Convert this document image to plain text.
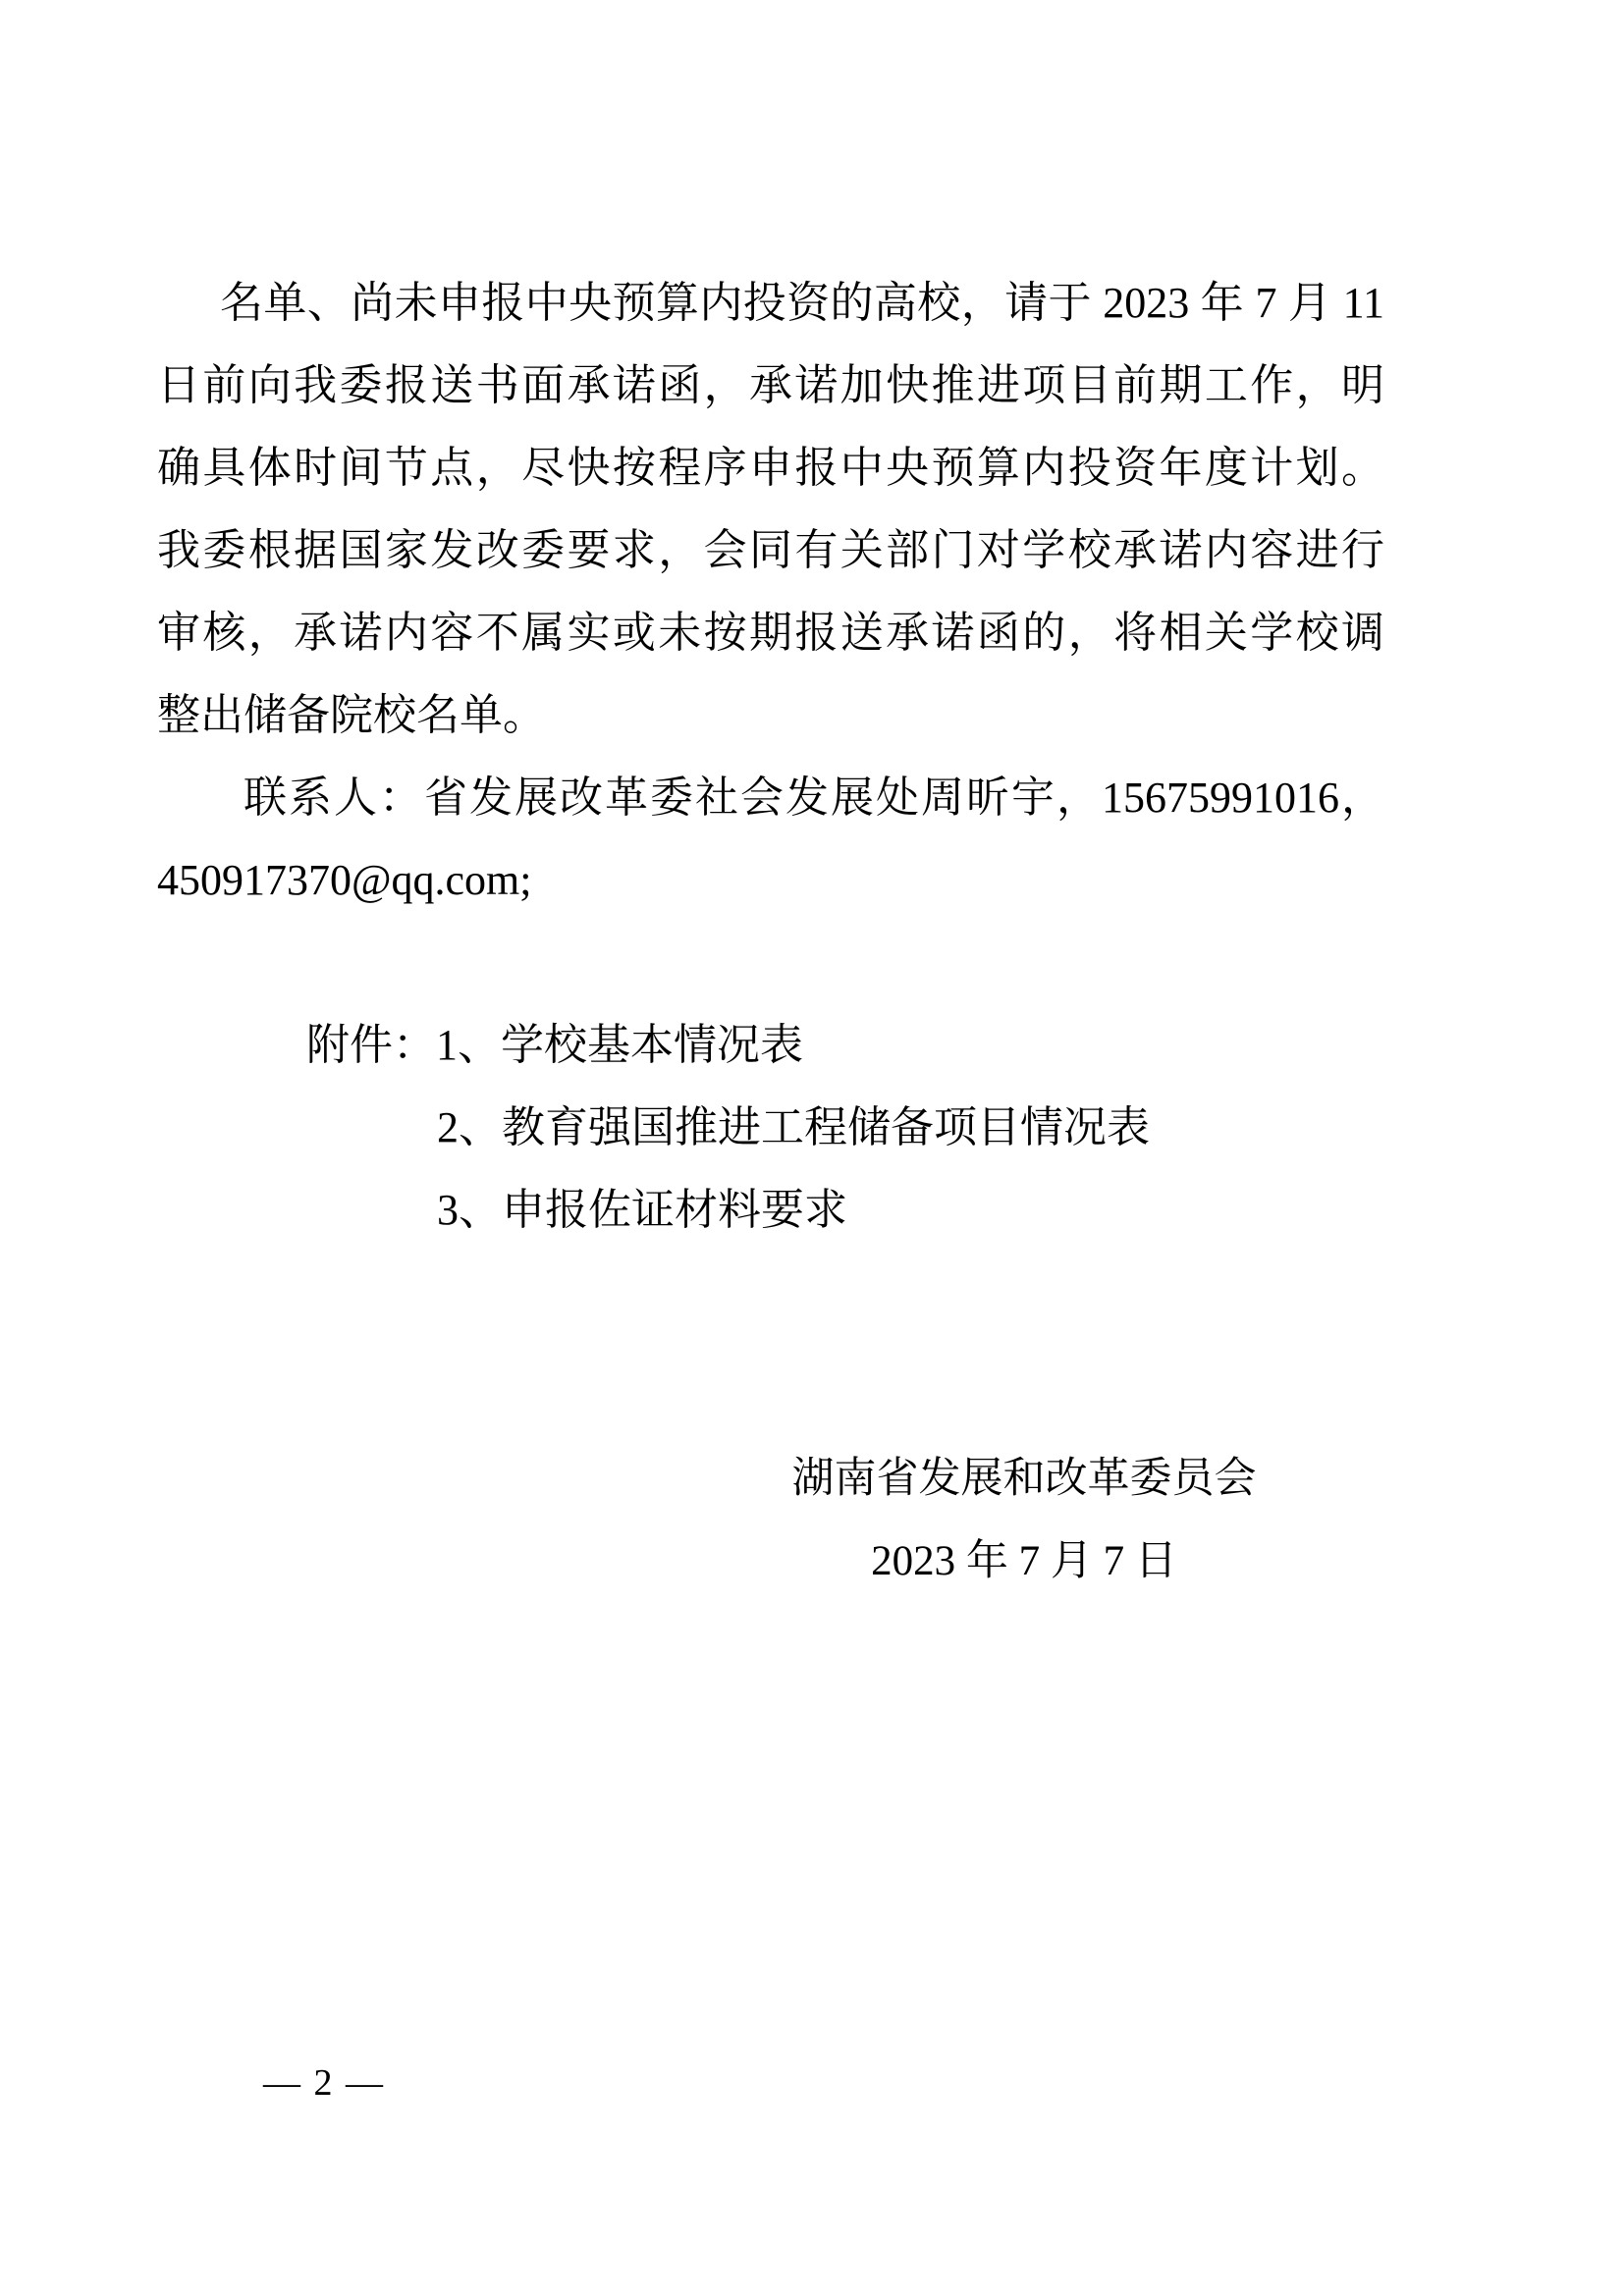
名单、尚未申报中央预算内投资的高校，请于 2023 年 7 月 11
日前向我委报送书面承诺函，承诺加快推进项目前期工作，明
确具体时间节点，尽快按程序申报中央预算内投资年度计划。
我委根据国家发改委要求，会同有关部门对学校承诺内容进行
审核，承诺内容不属实或未按期报送承诺函的，将相关学校调
整出储备院校名单。
联系人：省发展改革委社会发展处周昕宇，15675991016，
450917370@qq.com;
附件：1、学校基本情况表
2、教育强国推进工程储备项目情况表
3、申报佐证材料要求
湖南省发展和改革委员会
2023 年 7 月 7 日
— 2 —
